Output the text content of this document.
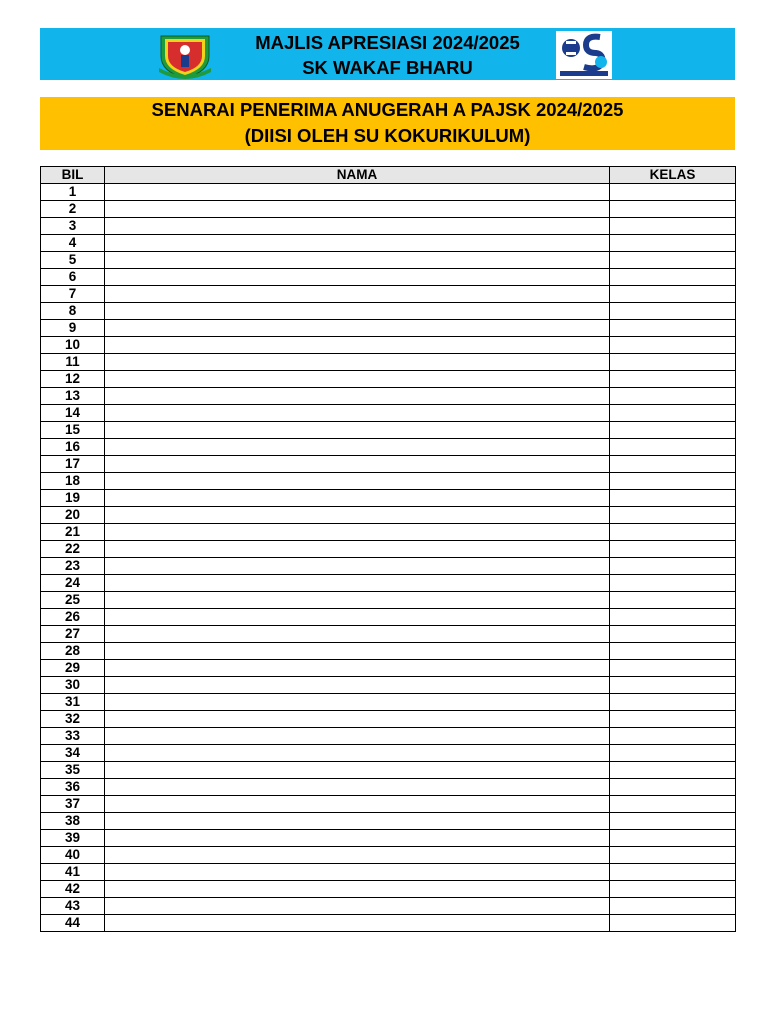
MAJLIS APRESIASI 2024/2025
SK WAKAF BHARU
SENARAI PENERIMA ANUGERAH A PAJSK 2024/2025
(DIISI OLEH SU KOKURIKULUM)
BIL	NAMA	KELAS
1		
2		
3		
4		
5		
6		
7		
8		
9		
10		
11		
12		
13		
14		
15		
16		
17		
18		
19		
20		
21		
22		
23		
24		
25		
26		
27		
28		
29		
30		
31		
32		
33		
34		
35		
36		
37		
38		
39		
40		
41		
42		
43		
44		
